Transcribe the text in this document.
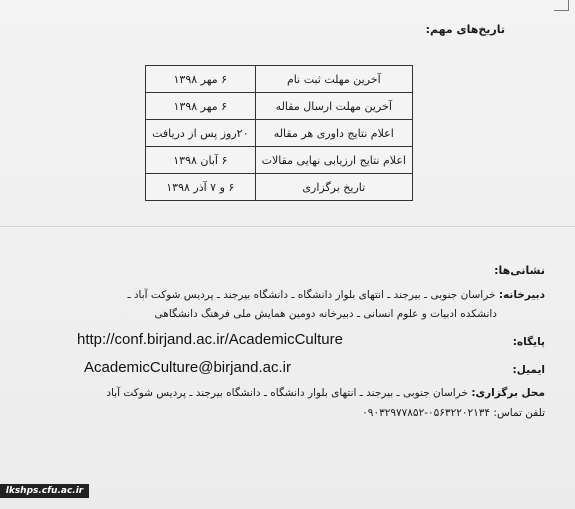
تاریخ‌های مهم:
آخرین مهلت ثبت نام	۶ مهر ۱۳۹۸
آخرین مهلت ارسال مقاله	۶ مهر ۱۳۹۸
اعلام نتایج داوری هر مقاله	۲۰روز پس از دریافت
اعلام نتایج ارزیابی نهایی مقالات	۶ آبان ۱۳۹۸
تاریخ برگزاری	۶ و ۷ آذر ۱۳۹۸
نشانی‌ها:
دبیرخانه: خراسان جنوبی ـ بیرجند ـ انتهای بلوار دانشگاه ـ دانشگاه بیرجند ـ پردیس شوکت آباد ـ
دانشکده ادبیات و علوم انسانی ـ دبیرخانه دومین همایش ملی فرهنگ دانشگاهی
پایگاه:
http://conf.birjand.ac.ir/AcademicCulture
ایمیل:
AcademicCulture@birjand.ac.ir
محل برگزاری: خراسان جنوبی ـ بیرجند ـ انتهای بلوار دانشگاه ـ دانشگاه بیرجند ـ پردیس شوکت آباد
تلفن تماس: ۰۵۶۳۲۲۰۲۱۳۴-۰۹۰۳۲۹۷۷۸۵۲
lkshps.cfu.ac.ir
